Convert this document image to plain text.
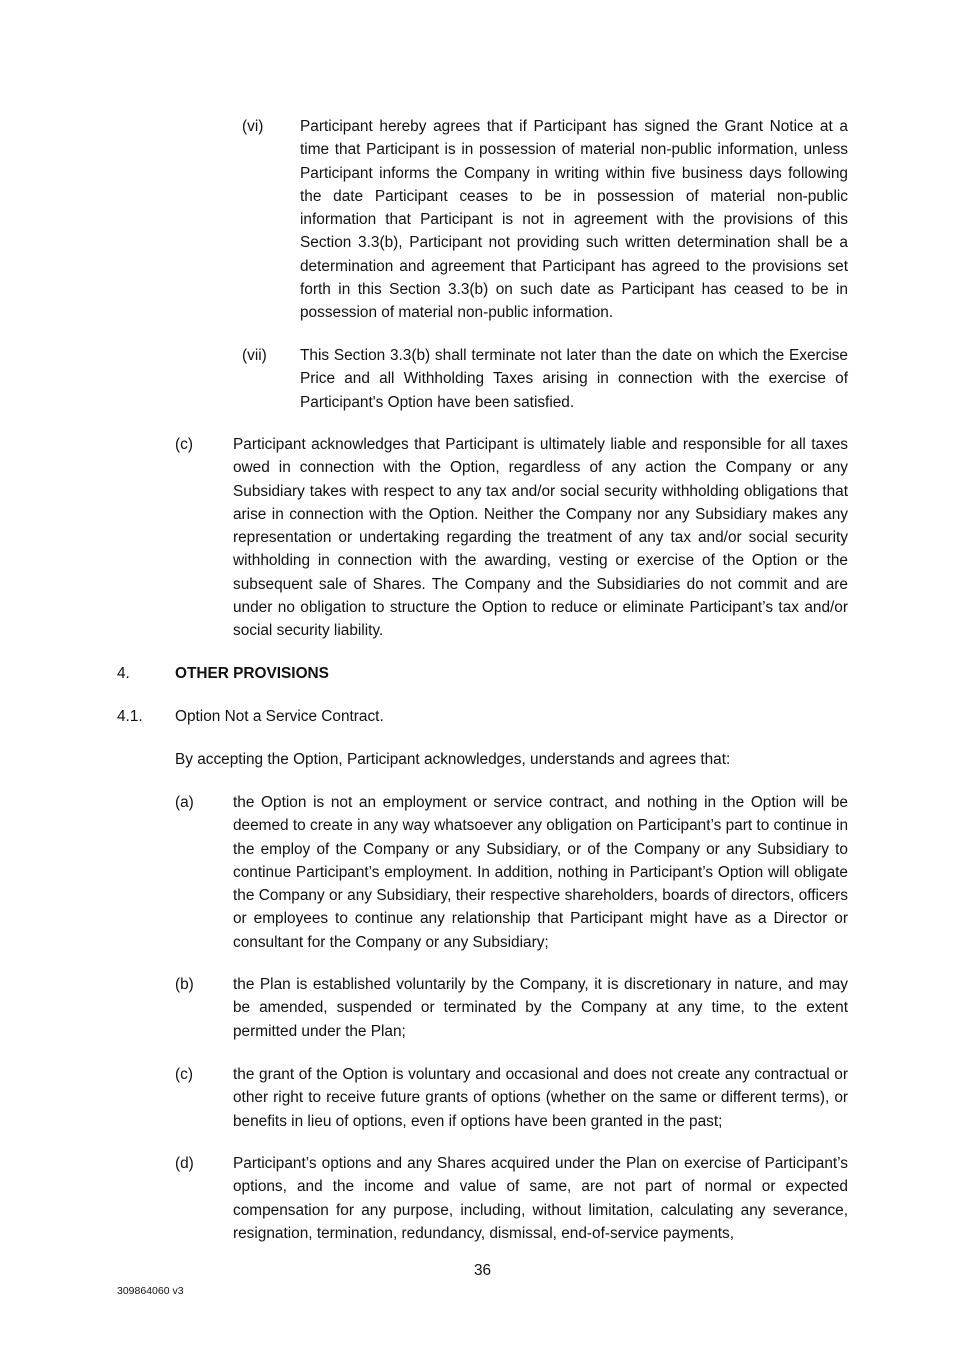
(vi) Participant hereby agrees that if Participant has signed the Grant Notice at a time that Participant is in possession of material non-public information, unless Participant informs the Company in writing within five business days following the date Participant ceases to be in possession of material non-public information that Participant is not in agreement with the provisions of this Section 3.3(b), Participant not providing such written determination shall be a determination and agreement that Participant has agreed to the provisions set forth in this Section 3.3(b) on such date as Participant has ceased to be in possession of material non-public information.

(vii) This Section 3.3(b) shall terminate not later than the date on which the Exercise Price and all Withholding Taxes arising in connection with the exercise of Participant's Option have been satisfied.

(c)	Participant acknowledges that Participant is ultimately liable and responsible for all taxes owed in connection with the Option, regardless of any action the Company or any Subsidiary takes with respect to any tax and/or social security withholding obligations that arise in connection with the Option. Neither the Company nor any Subsidiary makes any representation or undertaking regarding the treatment of any tax and/or social security withholding in connection with the awarding, vesting or exercise of the Option or the subsequent sale of Shares. The Company and the Subsidiaries do not commit and are under no obligation to structure the Option to reduce or eliminate Participant’s tax and/or social security liability.

4.	OTHER PROVISIONS

4.1. Option Not a Service Contract.

By accepting the Option, Participant acknowledges, understands and agrees that:

(a)	the Option is not an employment or service contract, and nothing in the Option will be deemed to create in any way whatsoever any obligation on Participant’s part to continue in the employ of the Company or any Subsidiary, or of the Company or any Subsidiary to continue Participant’s employment. In addition, nothing in Participant’s Option will obligate the Company or any Subsidiary, their respective shareholders, boards of directors, officers or employees to continue any relationship that Participant might have as a Director or consultant for the Company or any Subsidiary;

(b)	the Plan is established voluntarily by the Company, it is discretionary in nature, and may be amended, suspended or terminated by the Company at any time, to the extent permitted under the Plan;

(c)	the grant of the Option is voluntary and occasional and does not create any contractual or other right to receive future grants of options (whether on the same or different terms), or benefits in lieu of options, even if options have been granted in the past;

(d)	Participant’s options and any Shares acquired under the Plan on exercise of Participant’s options, and the income and value of same, are not part of normal or expected compensation for any purpose, including, without limitation, calculating any severance, resignation, termination, redundancy, dismissal, end-of-service payments,

36
309864060 v3
